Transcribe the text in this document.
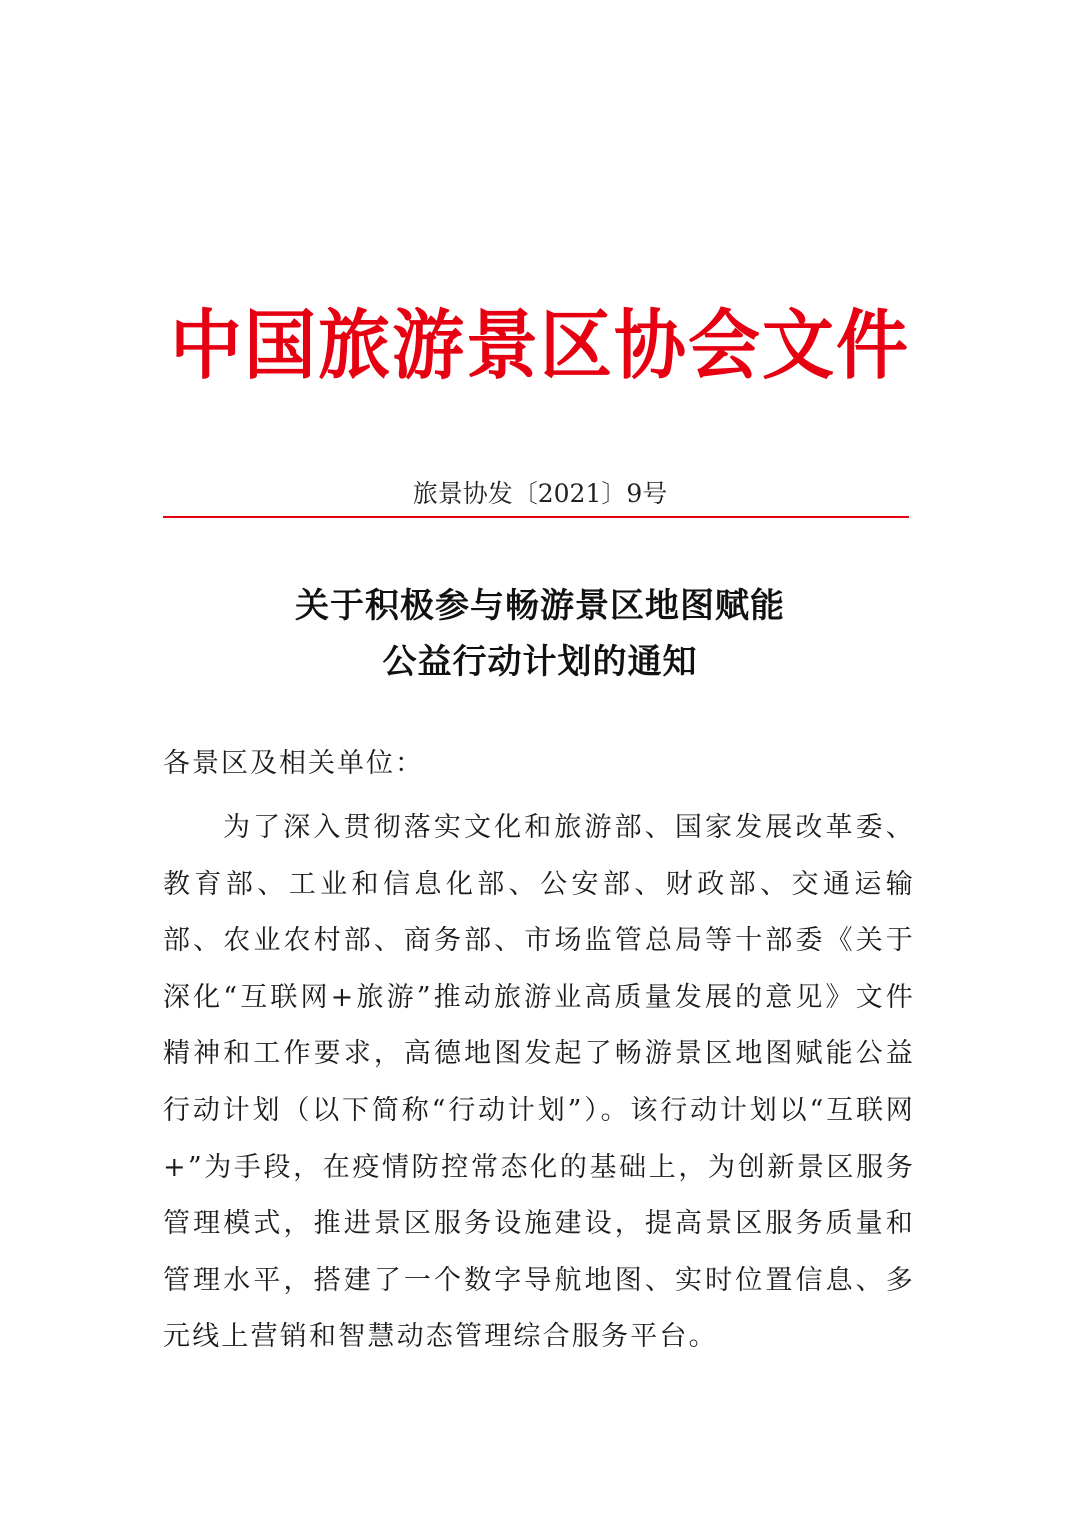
中国旅游景区协会文件
旅景协发〔2021〕9号
关于积极参与畅游景区地图赋能
公益行动计划的通知
各景区及相关单位：

为了深入贯彻落实文化和旅游部、国家发展改革委、教育部、工业和信息化部、公安部、财政部、交通运输部、农业农村部、商务部、市场监管总局等十部委《关于深化“互联网+旅游”推动旅游业高质量发展的意见》文件精神和工作要求，高德地图发起了畅游景区地图赋能公益行动计划（以下简称“行动计划”）。该行动计划以“互联网+”为手段，在疫情防控常态化的基础上，为创新景区服务管理模式，推进景区服务设施建设，提高景区服务质量和管理水平，搭建了一个数字导航地图、实时位置信息、多元线上营销和智慧动态管理综合服务平台。
